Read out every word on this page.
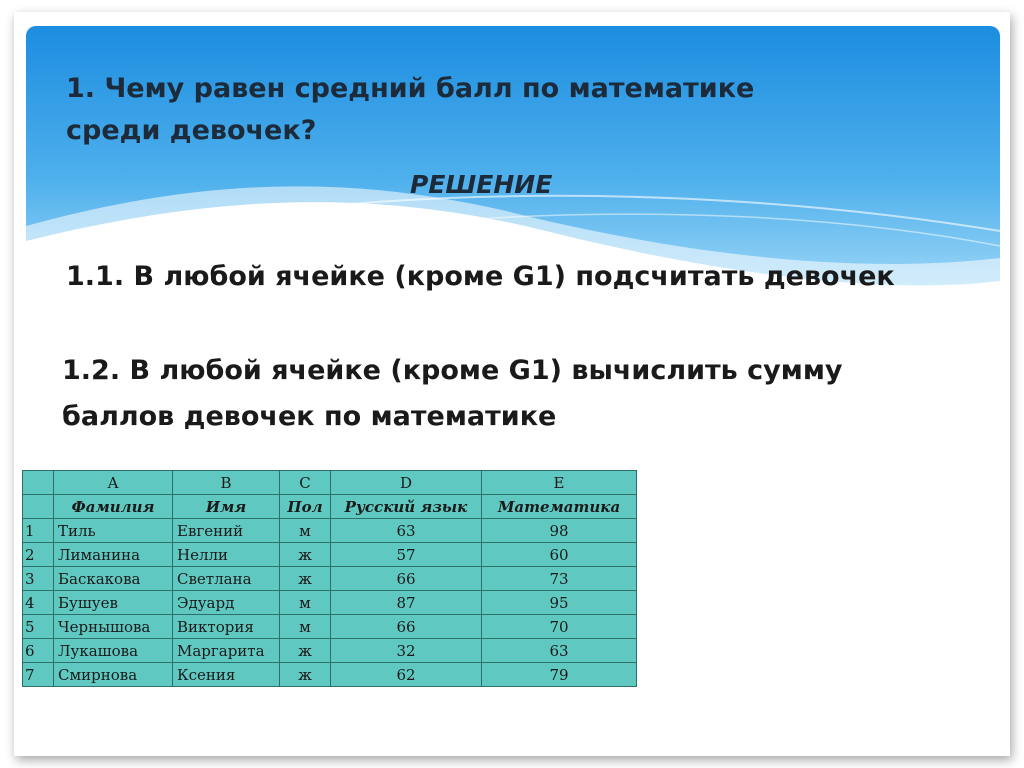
1. Чему равен средний балл по математике
среди девочек?
РЕШЕНИЕ
1.1. В любой ячейке (кроме G1) подсчитать девочек
1.2. В любой ячейке (кроме G1) вычислить сумму
баллов девочек по математике
	A	B	C	D	E
	Фамилия	Имя	Пол	Русский язык	Математика
1	Тиль	Евгений	м	63	98
2	Лиманина	Нелли	ж	57	60
3	Баскакова	Светлана	ж	66	73
4	Бушуев	Эдуард	м	87	95
5	Чернышова	Виктория	м	66	70
6	Лукашова	Маргарита	ж	32	63
7	Смирнова	Ксения	ж	62	79
